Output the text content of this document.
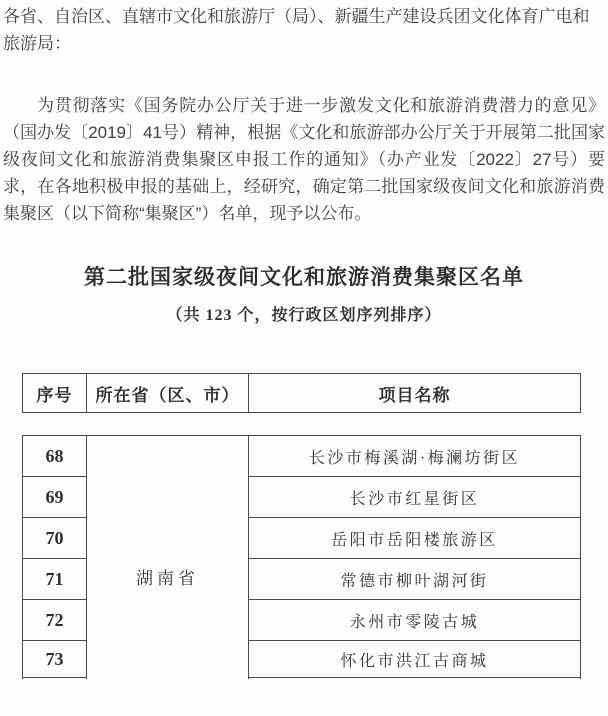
各省、自治区、直辖市文化和旅游厅（局）、新疆生产建设兵团文化体育广电和旅游局：

为贯彻落实《国务院办公厅关于进一步激发文化和旅游消费潜力的意见》（国办发〔2019〕41号）精神，根据《文化和旅游部办公厅关于开展第二批国家级夜间文化和旅游消费集聚区申报工作的通知》（办产业发〔2022〕27号）要求，在各地积极申报的基础上，经研究，确定第二批国家级夜间文化和旅游消费集聚区（以下简称“集聚区”）名单，现予以公布。

第二批国家级夜间文化和旅游消费集聚区名单

（共 123 个，按行政区划序列排序）

序号	所在省（区、市）	项目名称
68	湖南省	长沙市梅溪湖·梅澜坊街区
69		长沙市红星街区
70		岳阳市岳阳楼旅游区
71		常德市柳叶湖河街
72		永州市零陵古城
73		怀化市洪江古商城
